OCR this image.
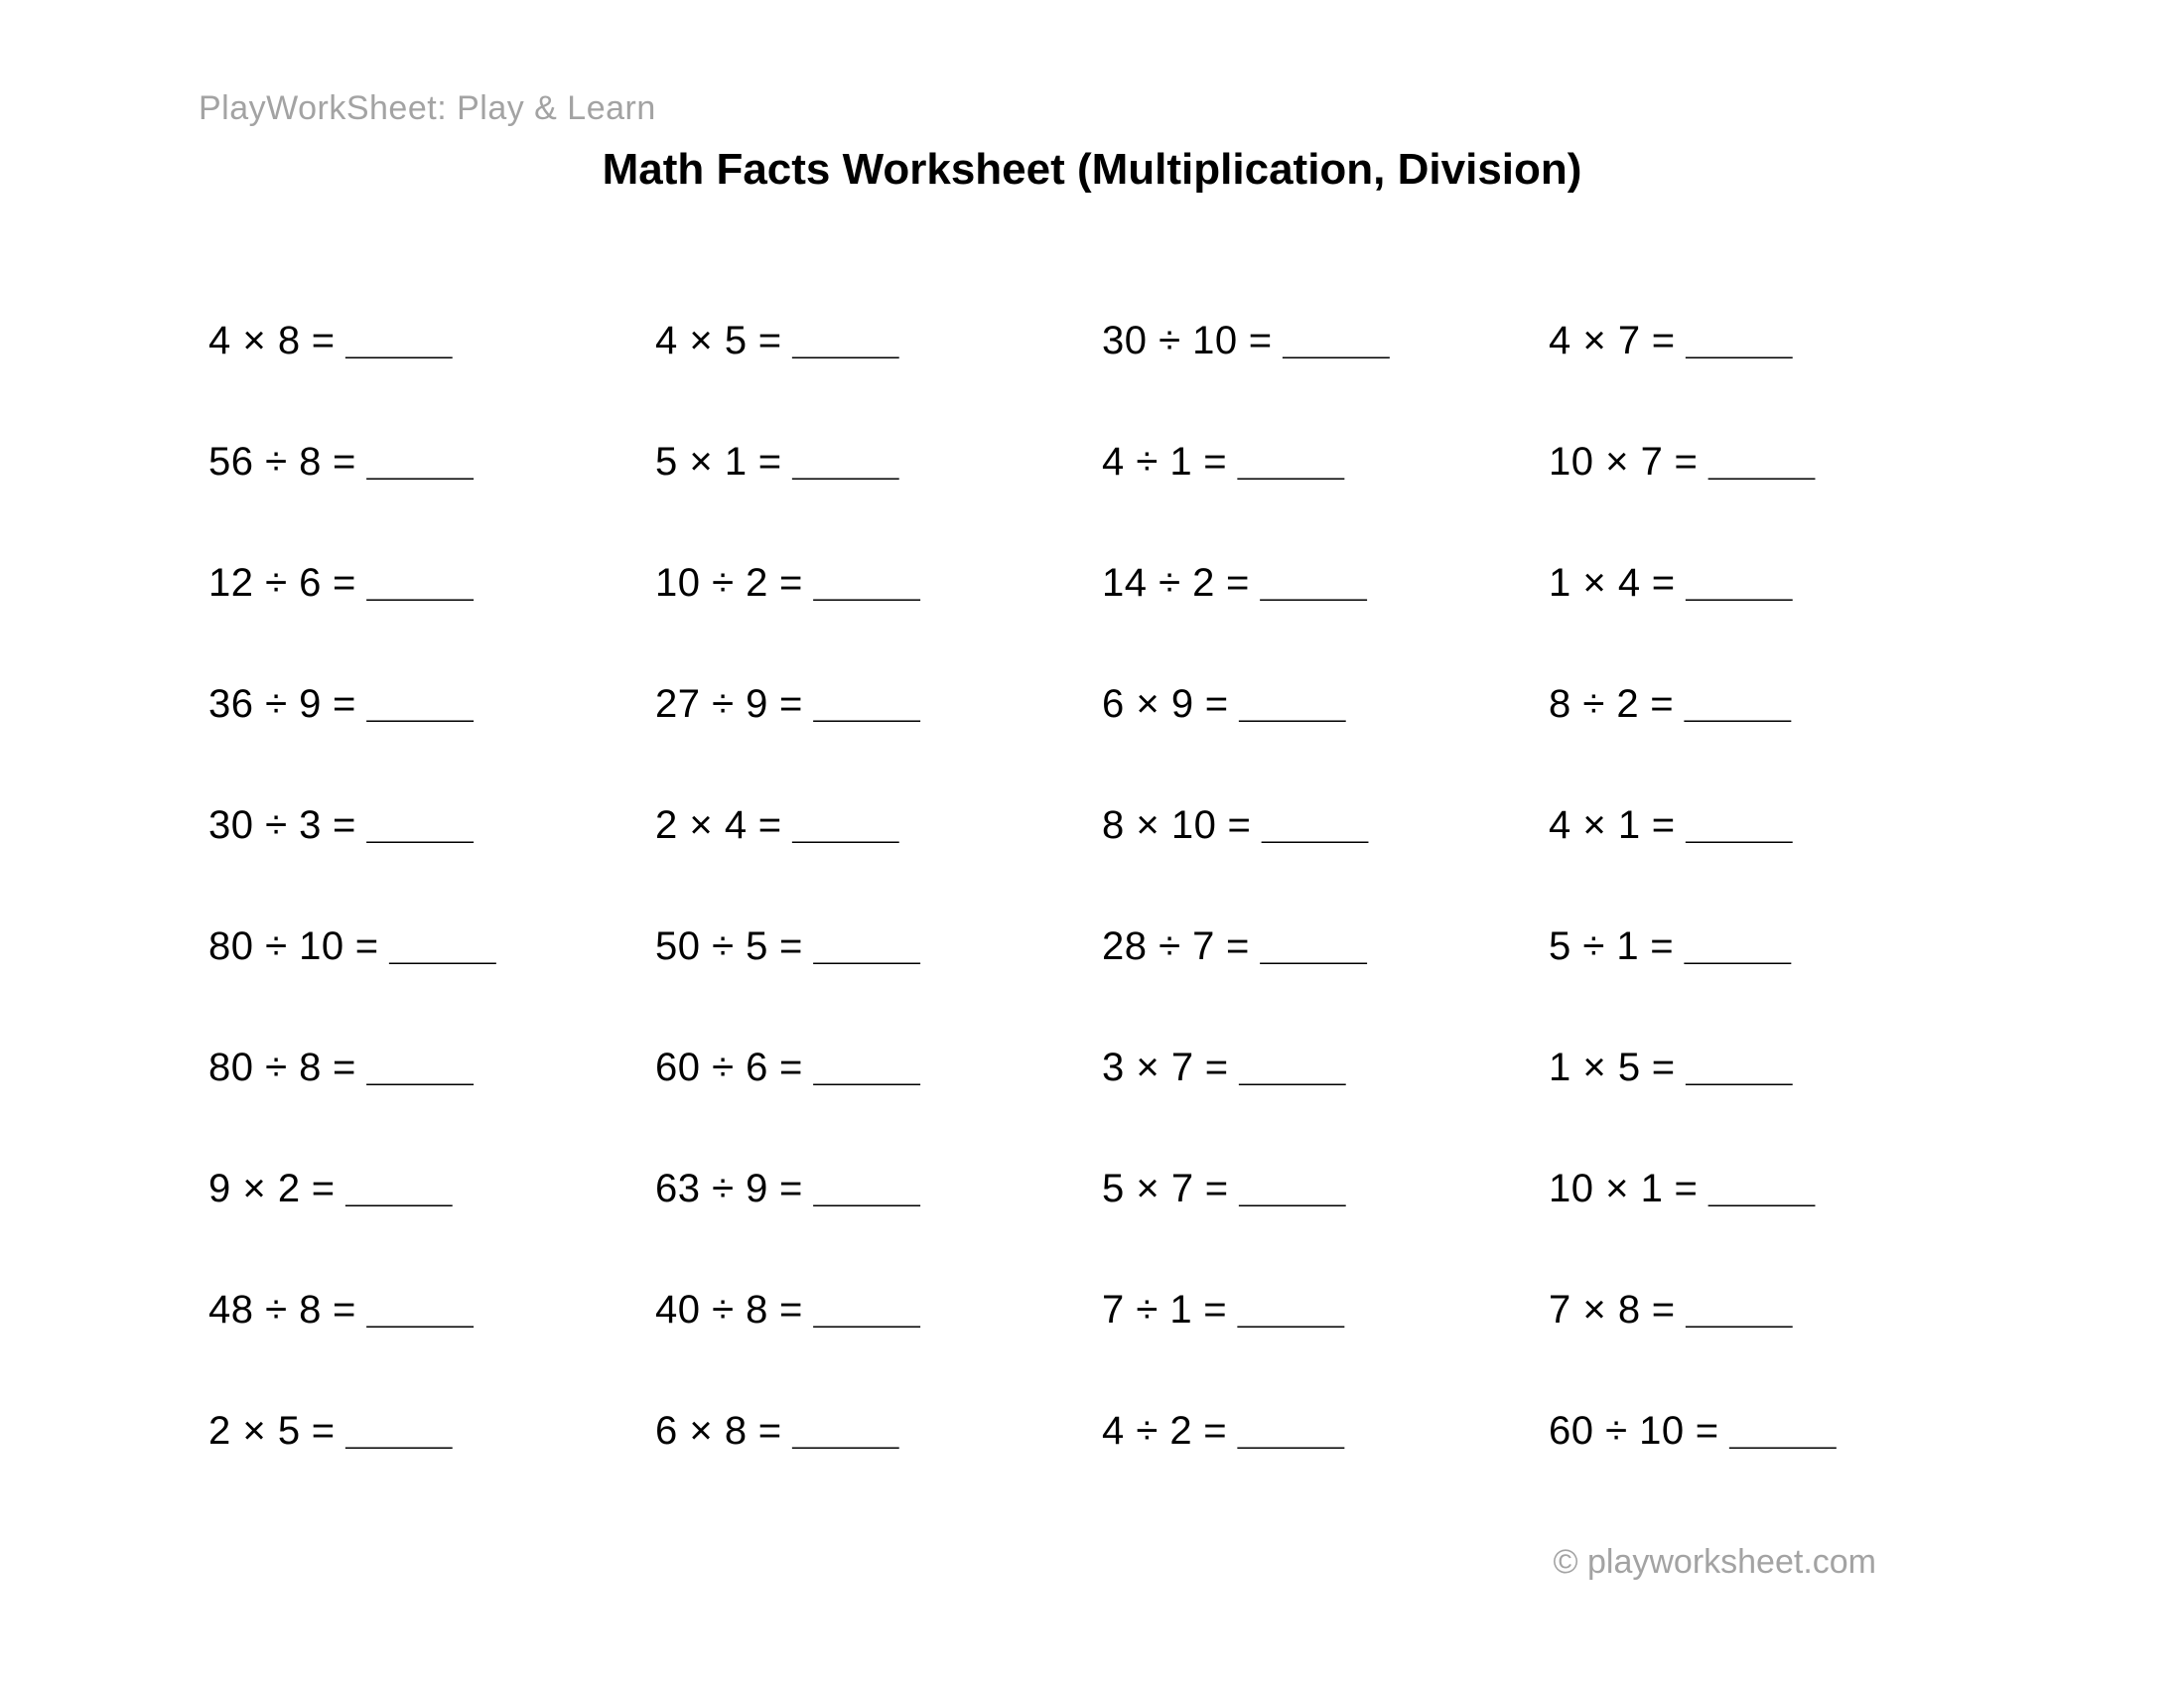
PlayWorkSheet: Play & Learn
Math Facts Worksheet (Multiplication, Division)
4 × 8 = _____	4 × 5 = _____	30 ÷ 10 = _____	4 × 7 = _____
56 ÷ 8 = _____	5 × 1 = _____	4 ÷ 1 = _____	10 × 7 = _____
12 ÷ 6 = _____	10 ÷ 2 = _____	14 ÷ 2 = _____	1 × 4 = _____
36 ÷ 9 = _____	27 ÷ 9 = _____	6 × 9 = _____	8 ÷ 2 = _____
30 ÷ 3 = _____	2 × 4 = _____	8 × 10 = _____	4 × 1 = _____
80 ÷ 10 = _____	50 ÷ 5 = _____	28 ÷ 7 = _____	5 ÷ 1 = _____
80 ÷ 8 = _____	60 ÷ 6 = _____	3 × 7 = _____	1 × 5 = _____
9 × 2 = _____	63 ÷ 9 = _____	5 × 7 = _____	10 × 1 = _____
48 ÷ 8 = _____	40 ÷ 8 = _____	7 ÷ 1 = _____	7 × 8 = _____
2 × 5 = _____	6 × 8 = _____	4 ÷ 2 = _____	60 ÷ 10 = _____
© playworksheet.com
